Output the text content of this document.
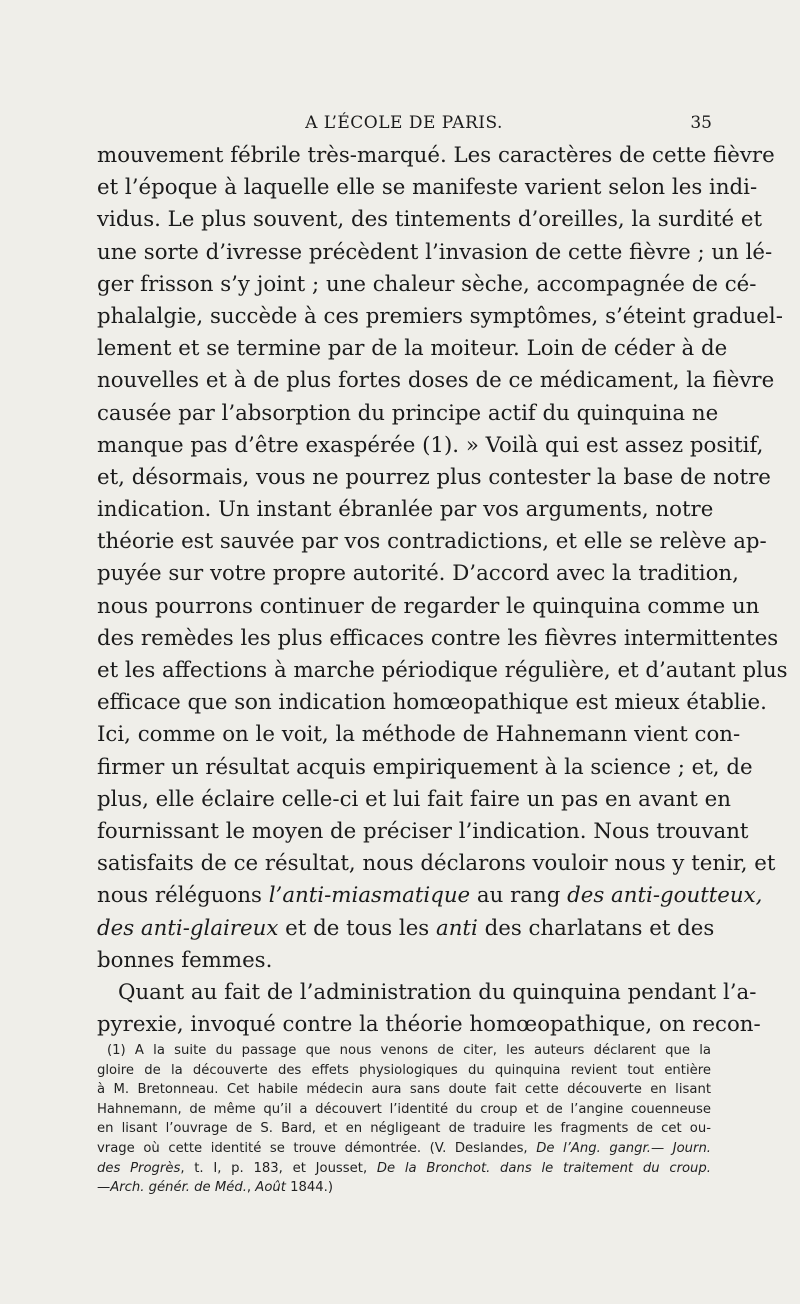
A L’ÉCOLE DE PARIS.	35
mouvement fébrile très-marqué. Les caractères de cette fièvre
et l’époque à laquelle elle se manifeste varient selon les indi-
vidus. Le plus souvent, des tintements d’oreilles, la surdité et
une sorte d’ivresse précèdent l’invasion de cette fièvre ; un lé-
ger frisson s’y joint ; une chaleur sèche, accompagnée de cé-
phalalgie, succède à ces premiers symptômes, s’éteint graduel-
lement et se termine par de la moiteur. Loin de céder à de
nouvelles et à de plus fortes doses de ce médicament, la fièvre
causée par l’absorption du principe actif du quinquina ne
manque pas d’être exaspérée (1). » Voilà qui est assez positif,
et, désormais, vous ne pourrez plus contester la base de notre
indication. Un instant ébranlée par vos arguments, notre
théorie est sauvée par vos contradictions, et elle se relève ap-
puyée sur votre propre autorité. D’accord avec la tradition,
nous pourrons continuer de regarder le quinquina comme un
des remèdes les plus efficaces contre les fièvres intermittentes
et les affections à marche périodique régulière, et d’autant plus
efficace que son indication homœopathique est mieux établie.
Ici, comme on le voit, la méthode de Hahnemann vient con-
firmer un résultat acquis empiriquement à la science ; et, de
plus, elle éclaire celle-ci et lui fait faire un pas en avant en
fournissant le moyen de préciser l’indication. Nous trouvant
satisfaits de ce résultat, nous déclarons vouloir nous y tenir, et
nous réléguons l’anti-miasmatique au rang des anti-goutteux,
des anti-glaireux et de tous les anti des charlatans et des
bonnes femmes.
Quant au fait de l’administration du quinquina pendant l’a-
pyrexie, invoqué contre la théorie homœopathique, on recon-
(1) A la suite du passage que nous venons de citer, les auteurs déclarent que la
gloire de la découverte des effets physiologiques du quinquina revient tout entière
à M. Bretonneau. Cet habile médecin aura sans doute fait cette découverte en lisant
Hahnemann, de même qu’il a découvert l’identité du croup et de l’angine couenneuse
en lisant l’ouvrage de S. Bard, et en négligeant de traduire les fragments de cet ou-
vrage où cette identité se trouve démontrée. (V. Deslandes, De l’Ang. gangr.— Journ.
des Progrès, t. I, p. 183, et Jousset, De la Bronchot. dans le traitement du croup.
—Arch. génér. de Méd., Août 1844.)
